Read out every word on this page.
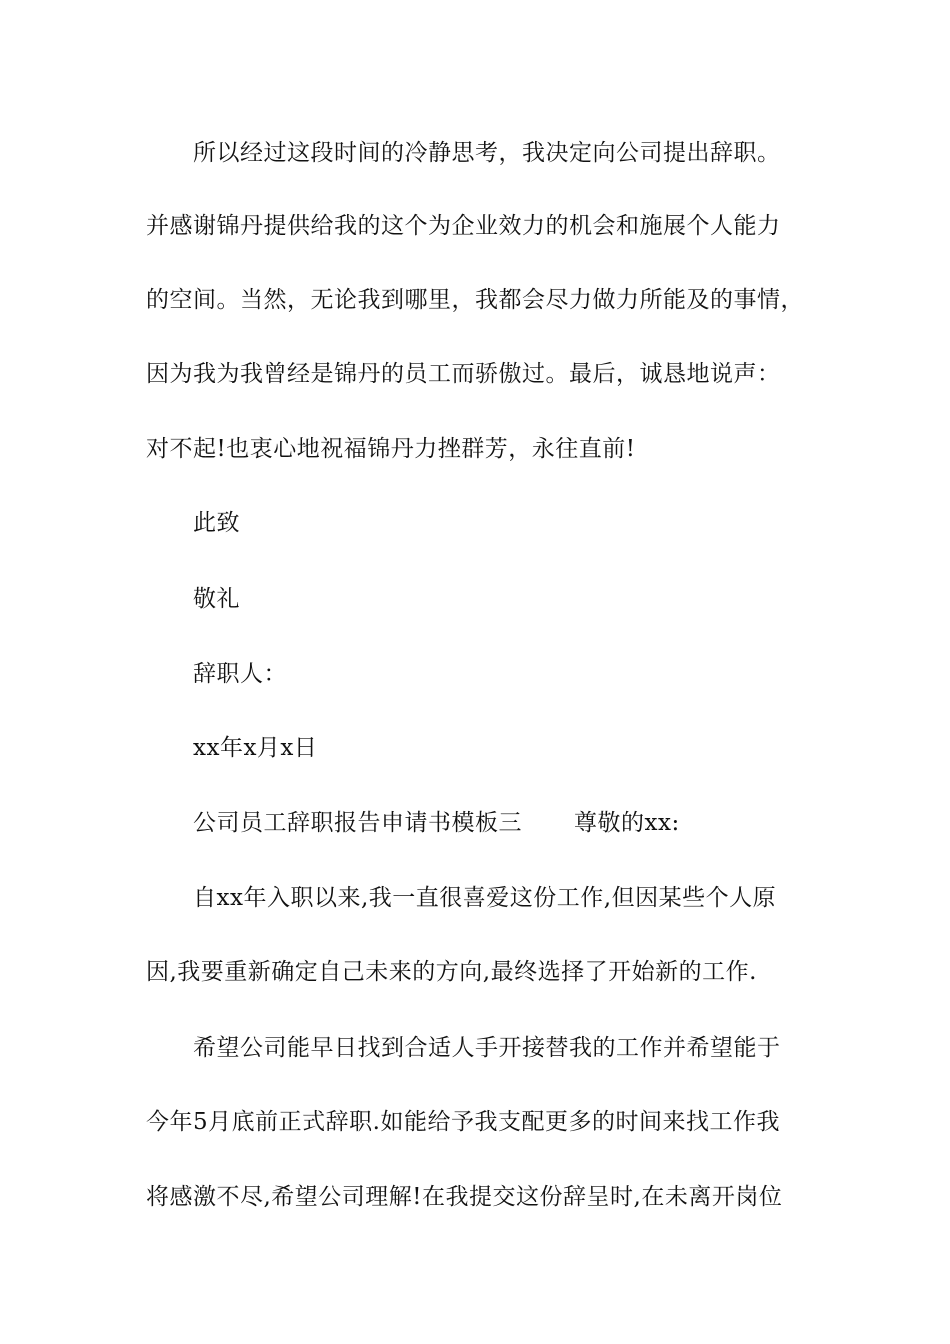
所以经过这段时间的冷静思考，我决定向公司提出辞职。
并感谢锦丹提供给我的这个为企业效力的机会和施展个人能力
的空间。当然，无论我到哪里，我都会尽力做力所能及的事情，
因为我为我曾经是锦丹的员工而骄傲过。最后，诚恳地说声：
对不起!也衷心地祝福锦丹力挫群芳，永往直前!
此致
敬礼
辞职人：
xx年x月x日
公司员工辞职报告申请书模板三 尊敬的xx:
自xx年入职以来,我一直很喜爱这份工作,但因某些个人原
因,我要重新确定自己未来的方向,最终选择了开始新的工作.
希望公司能早日找到合适人手开接替我的工作并希望能于
今年5月底前正式辞职.如能给予我支配更多的时间来找工作我
将感激不尽,希望公司理解!在我提交这份辞呈时,在未离开岗位
